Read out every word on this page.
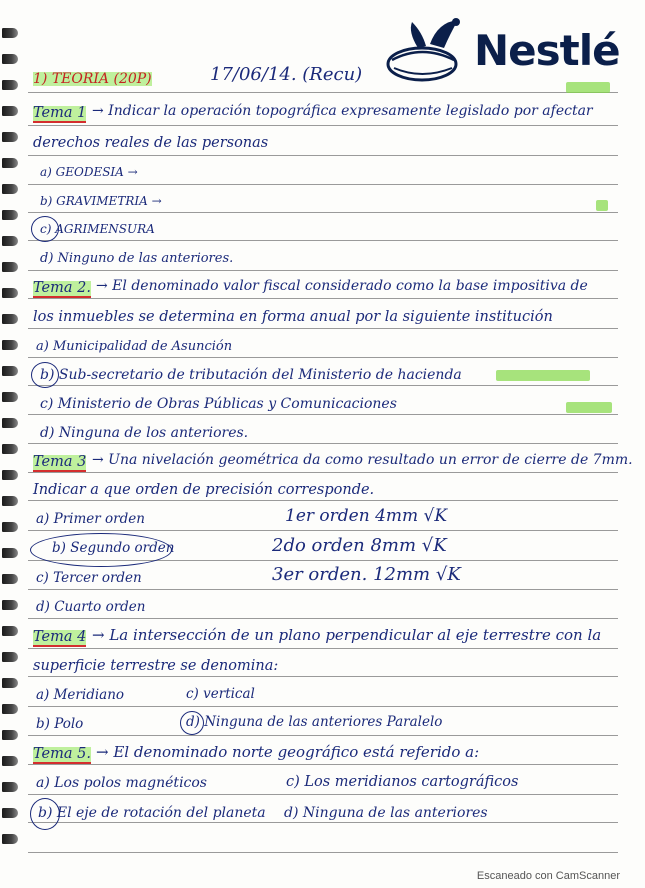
Nestlé
1) TEORIA (20P)	17/06/14. (Recu)
Tema 1 → Indicar la operación topográfica expresamente legislado por afectar
derechos reales de las personas
a) GEODESIA →
b) GRAVIMETRIA →
c) AGRIMENSURA
d) Ninguno de las anteriores.
Tema 2. → El denominado valor fiscal considerado como la base impositiva de
los inmuebles se determina en forma anual por la siguiente institución
a) Municipalidad de Asunción
b) Sub-secretario de tributación del Ministerio de hacienda
c) Ministerio de Obras Públicas y Comunicaciones
d) Ninguna de los anteriores.
Tema 3 → Una nivelación geométrica da como resultado un error de cierre de 7mm.
Indicar a que orden de precisión corresponde.
a) Primer orden	1er orden 4mm √K
b) Segundo orden	2do orden 8mm √K
c) Tercer orden	3er orden. 12mm √K
d) Cuarto orden
Tema 4 → La intersección de un plano perpendicular al eje terrestre con la
superficie terrestre se denomina:
a) Meridiano	c) vertical
b) Polo	d) Ninguna de las anteriores Paralelo
Tema 5. → El denominado norte geográfico está referido a:
a) Los polos magnéticos	c) Los meridianos cartográficos
b) El eje de rotación del planeta d) Ninguna de las anteriores
Escaneado con CamScanner
